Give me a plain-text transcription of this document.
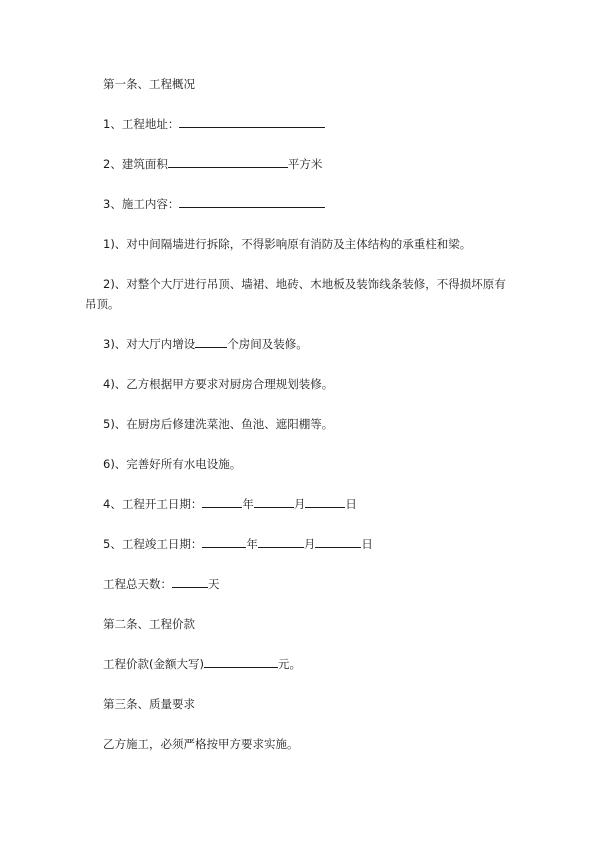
第一条、工程概况
1、工程地址：
2、建筑面积	平方米
3、施工内容：
1)、对中间隔墙进行拆除，不得影响原有消防及主体结构的承重柱和梁。
2)、对整个大厅进行吊顶、墙裙、地砖、木地板及装饰线条装修，不得损坏原有
吊顶。
3)、对大厅内增设	个房间及装修。
4)、乙方根据甲方要求对厨房合理规划装修。
5)、在厨房后修建洗菜池、鱼池、遮阳棚等。
6)、完善好所有水电设施。
4、工程开工日期：	年	月	日
5、工程竣工日期：	年	月	日
工程总天数：	天
第二条、工程价款
工程价款(金额大写)	元。
第三条、质量要求
乙方施工，必须严格按甲方要求实施。
